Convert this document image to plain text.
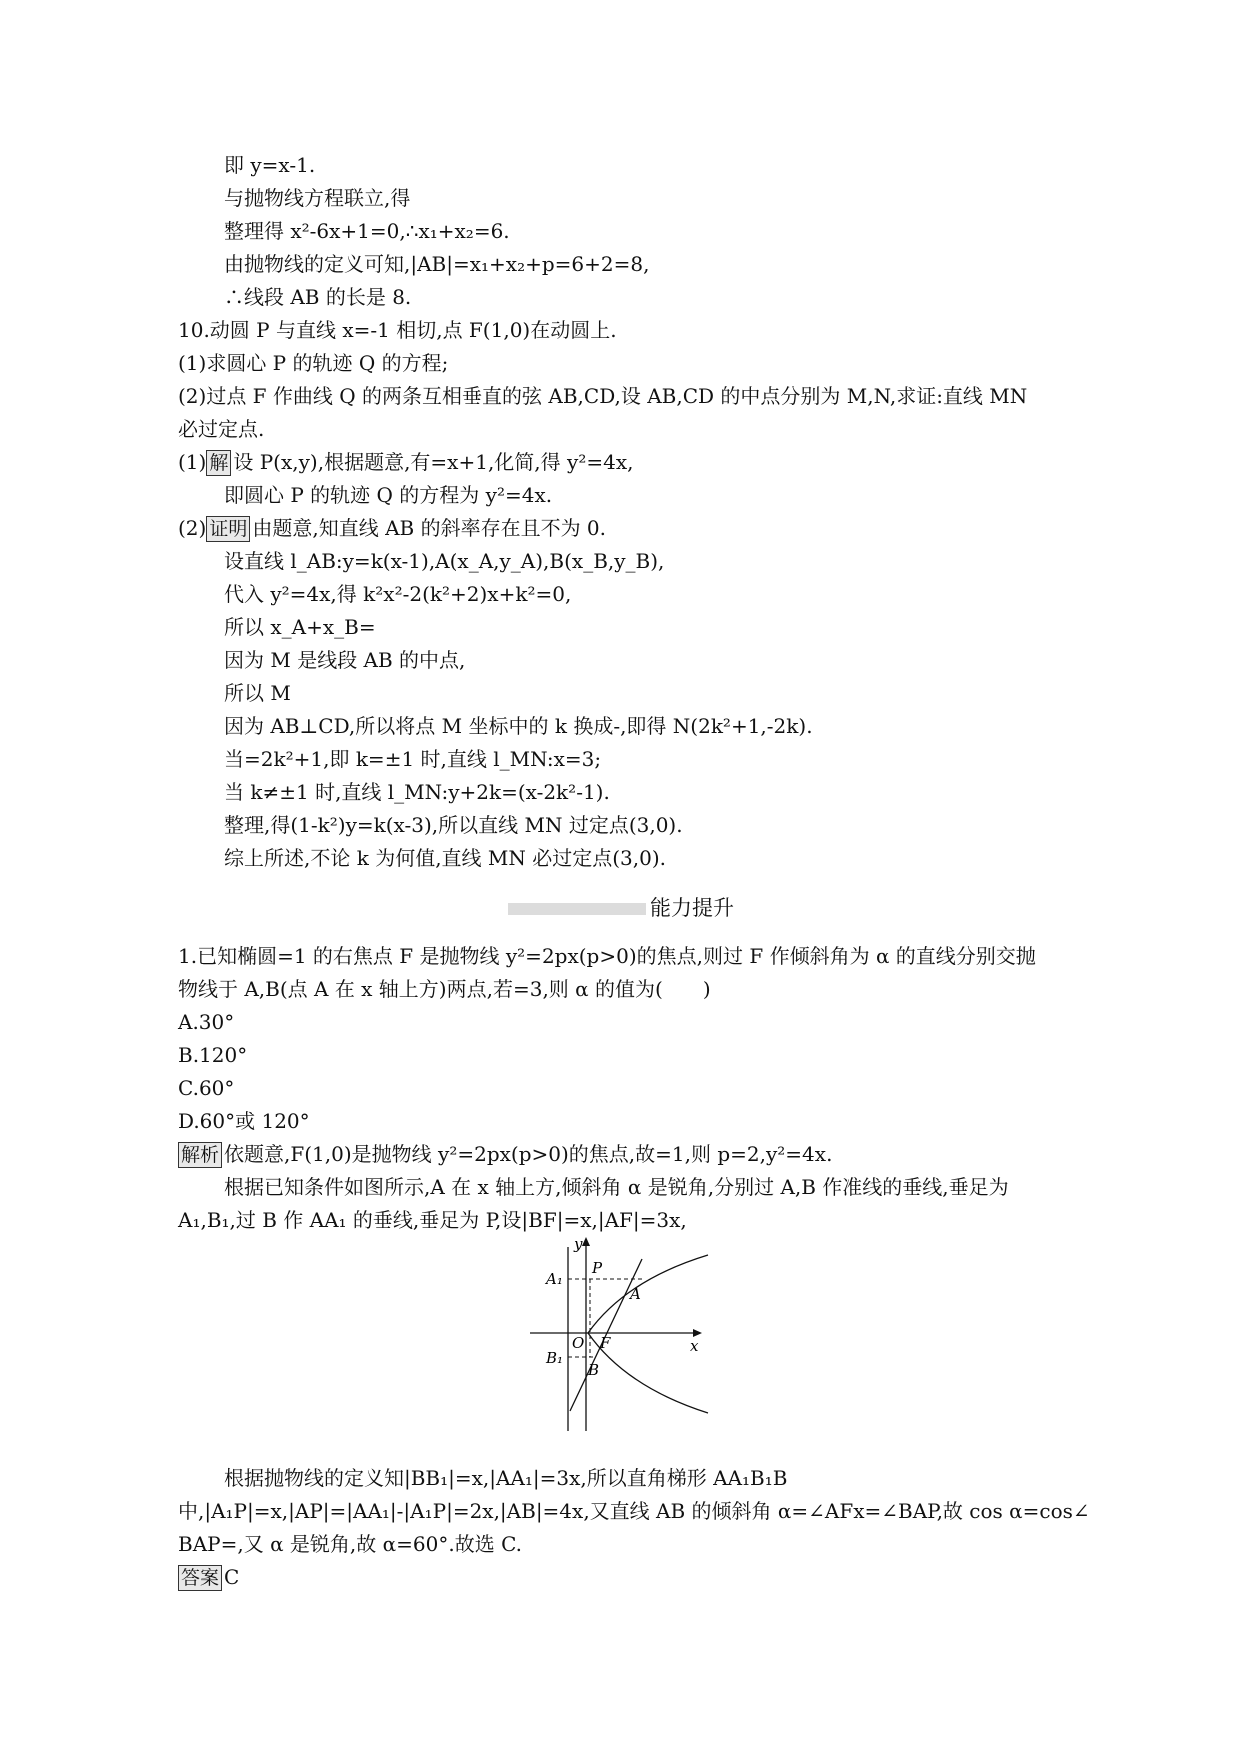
即 y=x-1.
与抛物线方程联立,得
整理得 x²-6x+1=0,∴x₁+x₂=6.
由抛物线的定义可知,|AB|=x₁+x₂+p=6+2=8,
∴线段 AB 的长是 8.
10.动圆 P 与直线 x=-1 相切,点 F(1,0)在动圆上.
(1)求圆心 P 的轨迹 Q 的方程;
(2)过点 F 作曲线 Q 的两条互相垂直的弦 AB,CD,设 AB,CD 的中点分别为 M,N,求证:直线 MN
必过定点.
(1) 解 设 P(x,y),根据题意,有=x+1,化简,得 y²=4x,
即圆心 P 的轨迹 Q 的方程为 y²=4x.
(2) 证明 由题意,知直线 AB 的斜率存在且不为 0.
设直线 l_AB:y=k(x-1),A(x_A,y_A),B(x_B,y_B),
代入 y²=4x,得 k²x²-2(k²+2)x+k²=0,
所以 x_A+x_B=
因为 M 是线段 AB 的中点,
所以 M
因为 AB⊥CD,所以将点 M 坐标中的 k 换成-,即得 N(2k²+1,-2k).
当=2k²+1,即 k=±1 时,直线 l_MN:x=3;
当 k≠±1 时,直线 l_MN:y+2k=(x-2k²-1).
整理,得(1-k²)y=k(x-3),所以直线 MN 过定点(3,0).
综上所述,不论 k 为何值,直线 MN 必过定点(3,0).
1.已知椭圆=1 的右焦点 F 是抛物线 y²=2px(p>0)的焦点,则过 F 作倾斜角为 α 的直线分别交抛
物线于 A,B(点 A 在 x 轴上方)两点,若=3,则 α 的值为(　　)
A.30°
B.120°
C.60°
D.60°或 120°
解析 依题意,F(1,0)是抛物线 y²=2px(p>0)的焦点,故=1,则 p=2,y²=4x.
根据已知条件如图所示,A 在 x 轴上方,倾斜角 α 是锐角,分别过 A,B 作准线的垂线,垂足为
A₁,B₁,过 B 作 AA₁ 的垂线,垂足为 P,设|BF|=x,|AF|=3x,
根据抛物线的定义知|BB₁|=x,|AA₁|=3x,所以直角梯形 AA₁B₁B
中,|A₁P|=x,|AP|=|AA₁|-|A₁P|=2x,|AB|=4x,又直线 AB 的倾斜角 α=∠AFx=∠BAP,故 cos α=cos∠
BAP=,又 α 是锐角,故 α=60°.故选 C.
答案 C
能力提升
y
x
O
P
A
A₁
F
B
B₁
